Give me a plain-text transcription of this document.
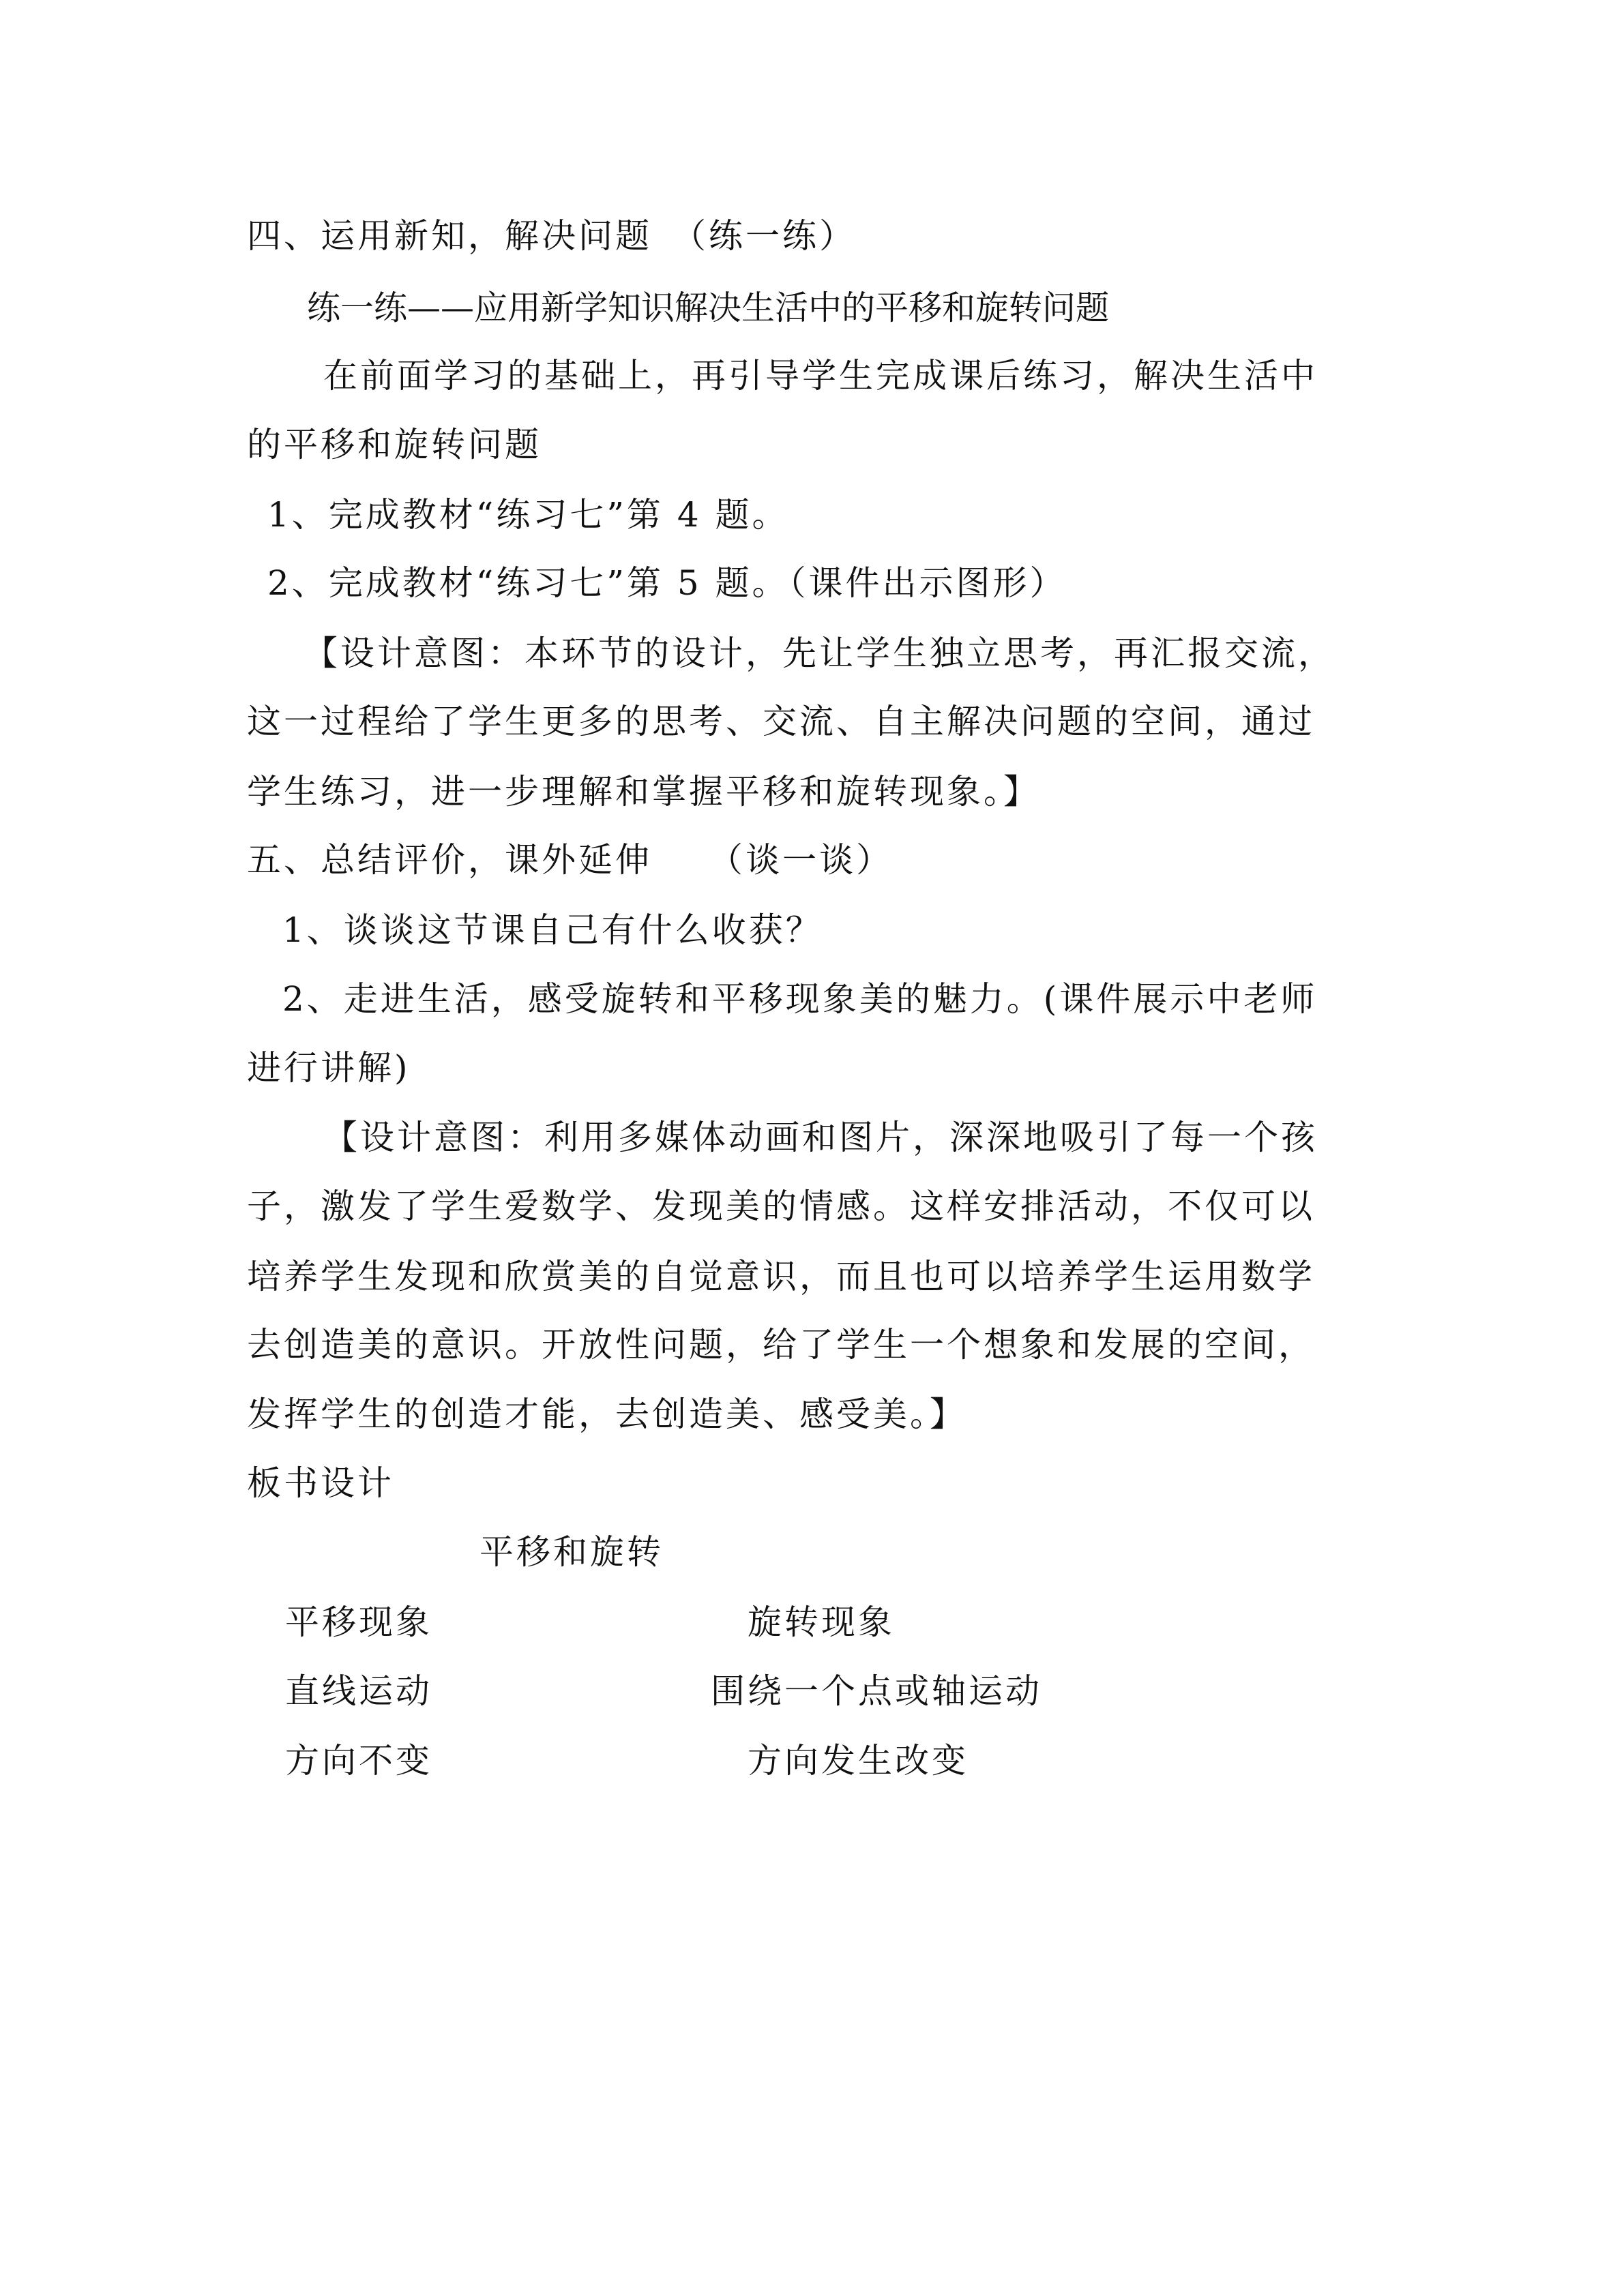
四、运用新知，解决问题　（练一练）
练一练——应用新学知识解决生活中的平移和旋转问题
在前面学习的基础上，再引导学生完成课后练习，解决生活中
的平移和旋转问题
1、完成教材“练习七”第 4 题。
2、完成教材“练习七”第 5 题。（课件出示图形）
【设计意图：本环节的设计，先让学生独立思考，再汇报交流，
这一过程给了学生更多的思考、交流、自主解决问题的空间，通过
学生练习，进一步理解和掌握平移和旋转现象。】
五、总结评价，课外延伸　　（谈一谈）
1、谈谈这节课自己有什么收获？
2、走进生活，感受旋转和平移现象美的魅力。(课件展示中老师
进行讲解)
【设计意图：利用多媒体动画和图片，深深地吸引了每一个孩
子，激发了学生爱数学、发现美的情感。这样安排活动，不仅可以
培养学生发现和欣赏美的自觉意识，而且也可以培养学生运用数学
去创造美的意识。开放性问题，给了学生一个想象和发展的空间，
发挥学生的创造才能，去创造美、感受美。】
板书设计
平移和旋转
平移现象	旋转现象
直线运动	围绕一个点或轴运动
方向不变	方向发生改变
